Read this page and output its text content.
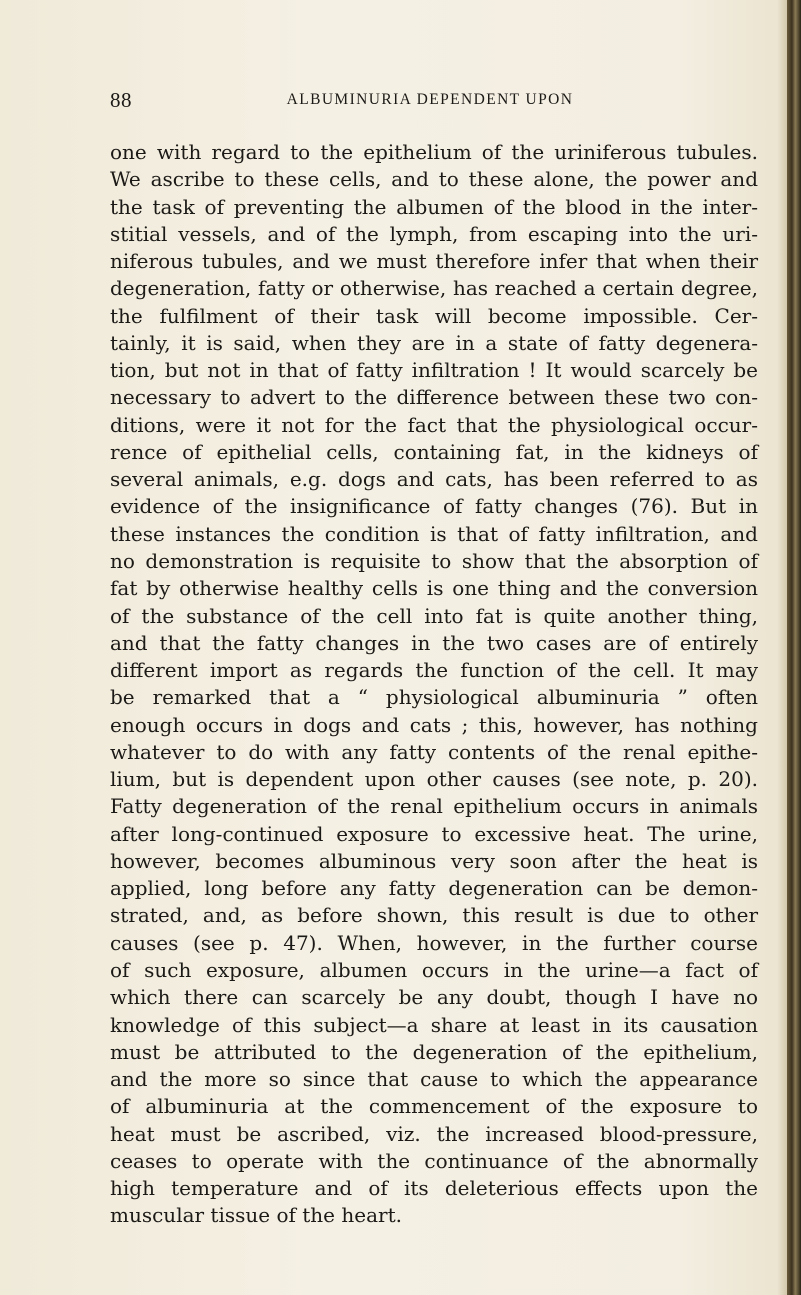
88	ALBUMINURIA DEPENDENT UPON
one with regard to the epithelium of the uriniferous tubules.
We ascribe to these cells, and to these alone, the power and
the task of preventing the albumen of the blood in the inter-
stitial vessels, and of the lymph, from escaping into the uri-
niferous tubules, and we must therefore infer that when their
degeneration, fatty or otherwise, has reached a certain degree,
the fulfilment of their task will become impossible. Cer-
tainly, it is said, when they are in a state of fatty degenera-
tion, but not in that of fatty infiltration ! It would scarcely be
necessary to advert to the difference between these two con-
ditions, were it not for the fact that the physiological occur-
rence of epithelial cells, containing fat, in the kidneys of
several animals, e.g. dogs and cats, has been referred to as
evidence of the insignificance of fatty changes (76). But in
these instances the condition is that of fatty infiltration, and
no demonstration is requisite to show that the absorption of
fat by otherwise healthy cells is one thing and the conversion
of the substance of the cell into fat is quite another thing,
and that the fatty changes in the two cases are of entirely
different import as regards the function of the cell. It may
be remarked that a “ physiological albuminuria ” often
enough occurs in dogs and cats ; this, however, has nothing
whatever to do with any fatty contents of the renal epithe-
lium, but is dependent upon other causes (see note, p. 20).
Fatty degeneration of the renal epithelium occurs in animals
after long-continued exposure to excessive heat. The urine,
however, becomes albuminous very soon after the heat is
applied, long before any fatty degeneration can be demon-
strated, and, as before shown, this result is due to other
causes (see p. 47). When, however, in the further course
of such exposure, albumen occurs in the urine—a fact of
which there can scarcely be any doubt, though I have no
knowledge of this subject—a share at least in its causation
must be attributed to the degeneration of the epithelium,
and the more so since that cause to which the appearance
of albuminuria at the commencement of the exposure to
heat must be ascribed, viz. the increased blood-pressure,
ceases to operate with the continuance of the abnormally
high temperature and of its deleterious effects upon the
muscular tissue of the heart.
